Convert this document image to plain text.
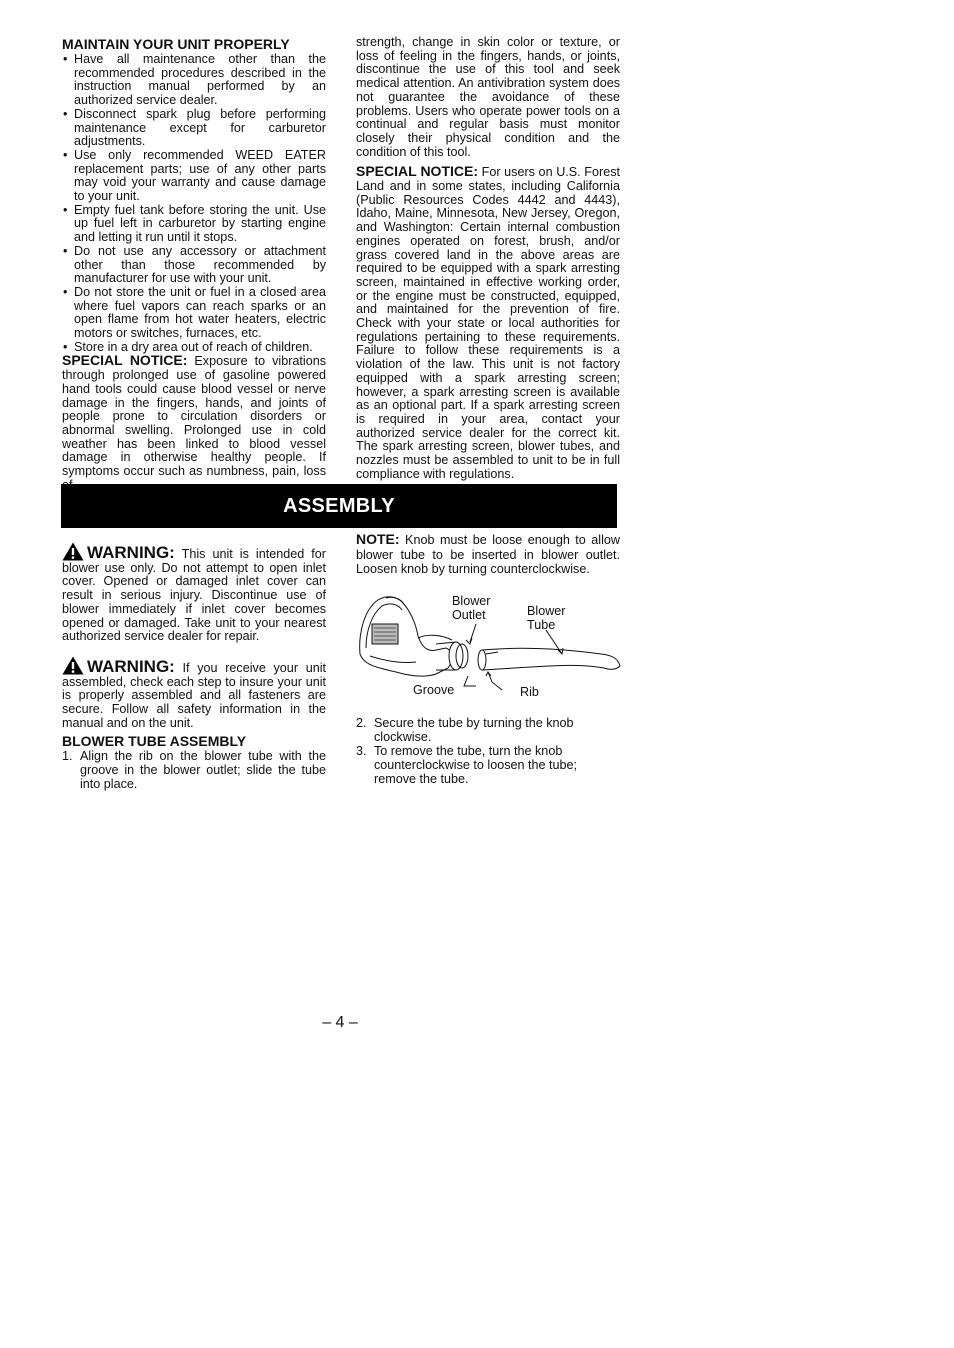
MAINTAIN YOUR UNIT PROPERLY
• Have all maintenance other than the recommended procedures described in the instruction manual performed by an authorized service dealer.
• Disconnect spark plug before performing maintenance except for carburetor adjustments.
• Use only recommended WEED EATER replacement parts; use of any other parts may void your warranty and cause damage to your unit.
• Empty fuel tank before storing the unit. Use up fuel left in carburetor by starting engine and letting it run until it stops.
• Do not use any accessory or attachment other than those recommended by manufacturer for use with your unit.
• Do not store the unit or fuel in a closed area where fuel vapors can reach sparks or an open flame from hot water heaters, electric motors or switches, furnaces, etc.
• Store in a dry area out of reach of children.

SPECIAL NOTICE: Exposure to vibrations through prolonged use of gasoline powered hand tools could cause blood vessel or nerve damage in the fingers, hands, and joints of people prone to circulation disorders or abnormal swelling. Prolonged use in cold weather has been linked to blood vessel damage in otherwise healthy people. If symptoms occur such as numbness, pain, loss

strength, change in skin color or texture, or loss of feeling in the fingers, hands, or joints, discontinue the use of this tool and seek medical attention. An antivibration system does not guarantee the avoidance of these problems. Users who operate power tools on a continual and regular basis must monitor closely their physical condition and the condition of this tool.

SPECIAL NOTICE: For users on U.S. Forest Land and in some states, including California (Public Resources Codes 4442 and 4443), Idaho, Maine, Minnesota, New Jersey, Oregon, and Washington: Certain internal combustion engines operated on forest, brush, and/or grass covered land in the above areas are required to be equipped with a spark arresting screen, maintained in effective working order, or the engine must be constructed, equipped, and maintained for the prevention of fire. Check with your state or local authorities for regulations pertaining to these requirements. Failure to follow these requirements is a violation of the law. This unit is not factory equipped with a spark arresting screen; however, a spark arresting screen is available as an optional part. If a spark arresting screen is required in your area, contact your authorized service dealer for the correct kit. The spark arresting screen, blower tubes, and nozzles must be assembled to unit to be in full compliance with regulations.

ASSEMBLY

WARNING: This unit is intended for blower use only. Do not attempt to open inlet cover. Opened or damaged inlet cover can result in serious injury. Discontinue use of blower immediately if inlet cover becomes opened or damaged. Take unit to your nearest authorized service dealer for repair.

WARNING: If you receive your unit assembled, check each step to insure your unit is properly assembled and all fasteners are secure. Follow all safety information in the manual and on the unit.

BLOWER TUBE ASSEMBLY
1. Align the rib on the blower tube with the groove in the blower outlet; slide the tube into place.

NOTE: Knob must be loose enough to allow blower tube to be inserted in blower outlet. Loosen knob by turning counterclockwise.

Blower
Outlet	Blower
Tube
Groove	Rib
2. Secure the tube by turning the knob clockwise.
3. To remove the tube, turn the knob counterclockwise to loosen the tube; remove the tube.
– 4 –
